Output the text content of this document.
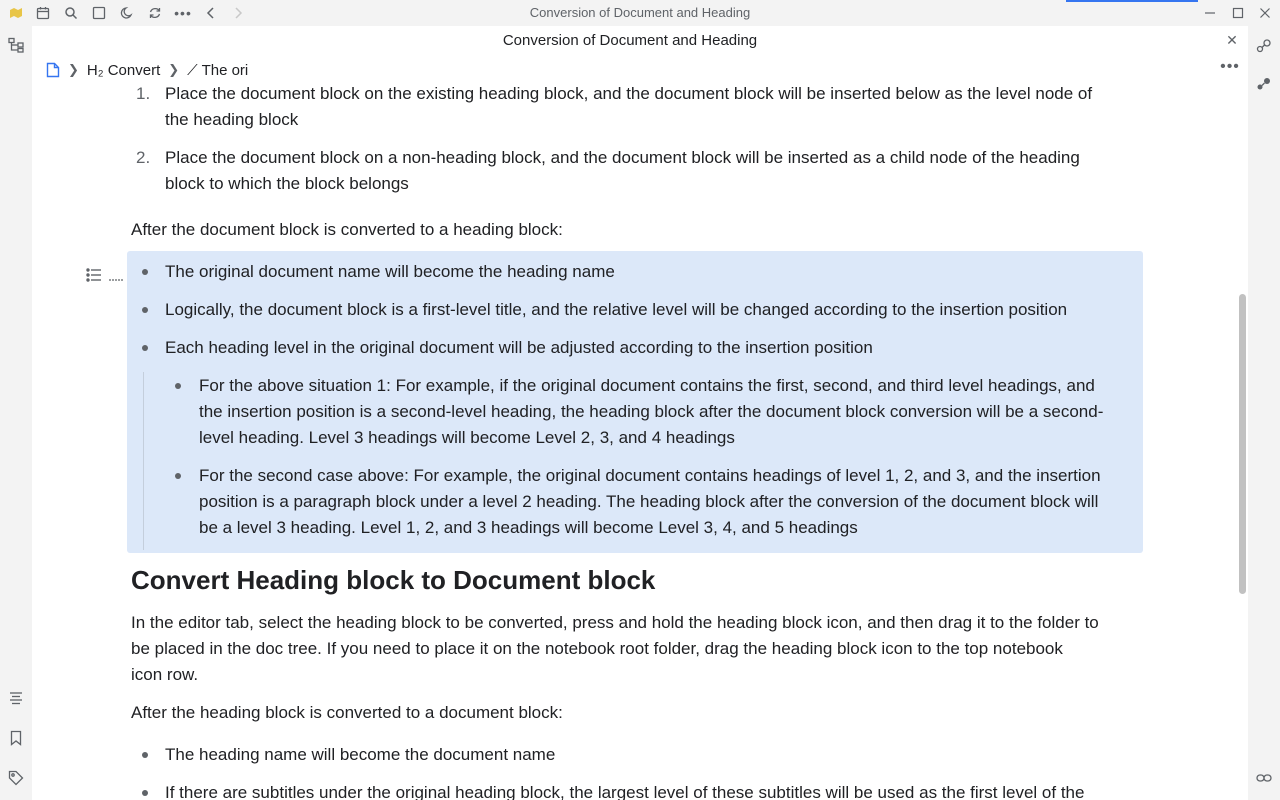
•••	Conversion of Document and Heading
Conversion of Document and Heading	✕
❯ H₂ Convert ❯ ⟋ The ori	•••
1. Place the document block on the existing heading block, and the document block will be inserted below as the level node of
the heading block
2. Place the document block on a non-heading block, and the document block will be inserted as a child node of the heading
block to which the block belongs
After the document block is converted to a heading block:
The original document name will become the heading name
Logically, the document block is a first-level title, and the relative level will be changed according to the insertion position
Each heading level in the original document will be adjusted according to the insertion position
For the above situation 1: For example, if the original document contains the first, second, and third level headings, and
the insertion position is a second-level heading, the heading block after the document block conversion will be a second-
level heading. Level 3 headings will become Level 2, 3, and 4 headings
For the second case above: For example, the original document contains headings of level 1, 2, and 3, and the insertion
position is a paragraph block under a level 2 heading. The heading block after the conversion of the document block will
be a level 3 heading. Level 1, 2, and 3 headings will become Level 3, 4, and 5 headings
Convert Heading block to Document block
In the editor tab, select the heading block to be converted, press and hold the heading block icon, and then drag it to the folder to
be placed in the doc tree. If you need to place it on the notebook root folder, drag the heading block icon to the top notebook
icon row.
After the heading block is converted to a document block:
The heading name will become the document name
If there are subtitles under the original heading block, the largest level of these subtitles will be used as the first level of the
